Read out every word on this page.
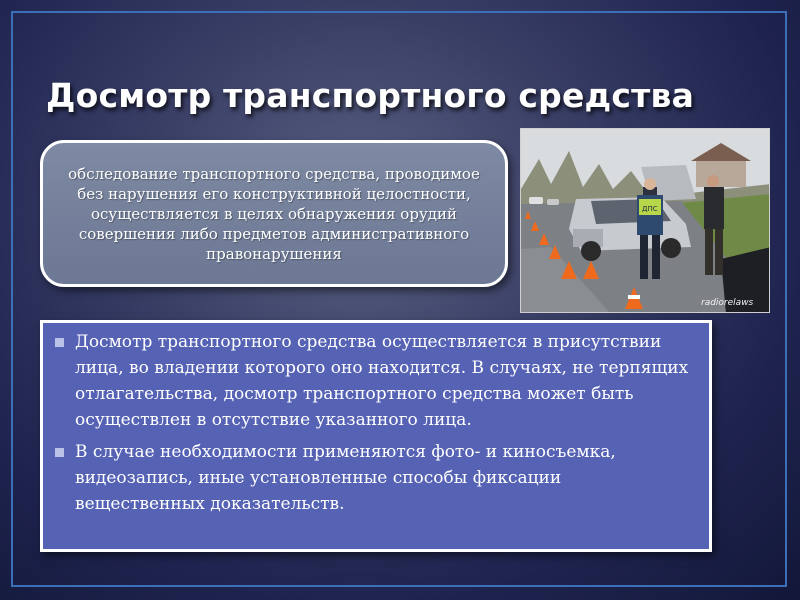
Досмотр транспортного средства
обследование транспортного средства, проводимое без нарушения его конструктивной целостности, осуществляется в целях обнаружения орудий совершения либо предметов административного правонарушения
ДПС
radiorelaws
Досмотр транспортного средства осуществляется в присутствии лица, во владении которого оно находится. В случаях, не терпящих отлагательства, досмотр транспортного средства может быть осуществлен в отсутствие указанного лица.
В случае необходимости применяются фото- и киносъемка, видеозапись, иные установленные способы фиксации вещественных доказательств.
